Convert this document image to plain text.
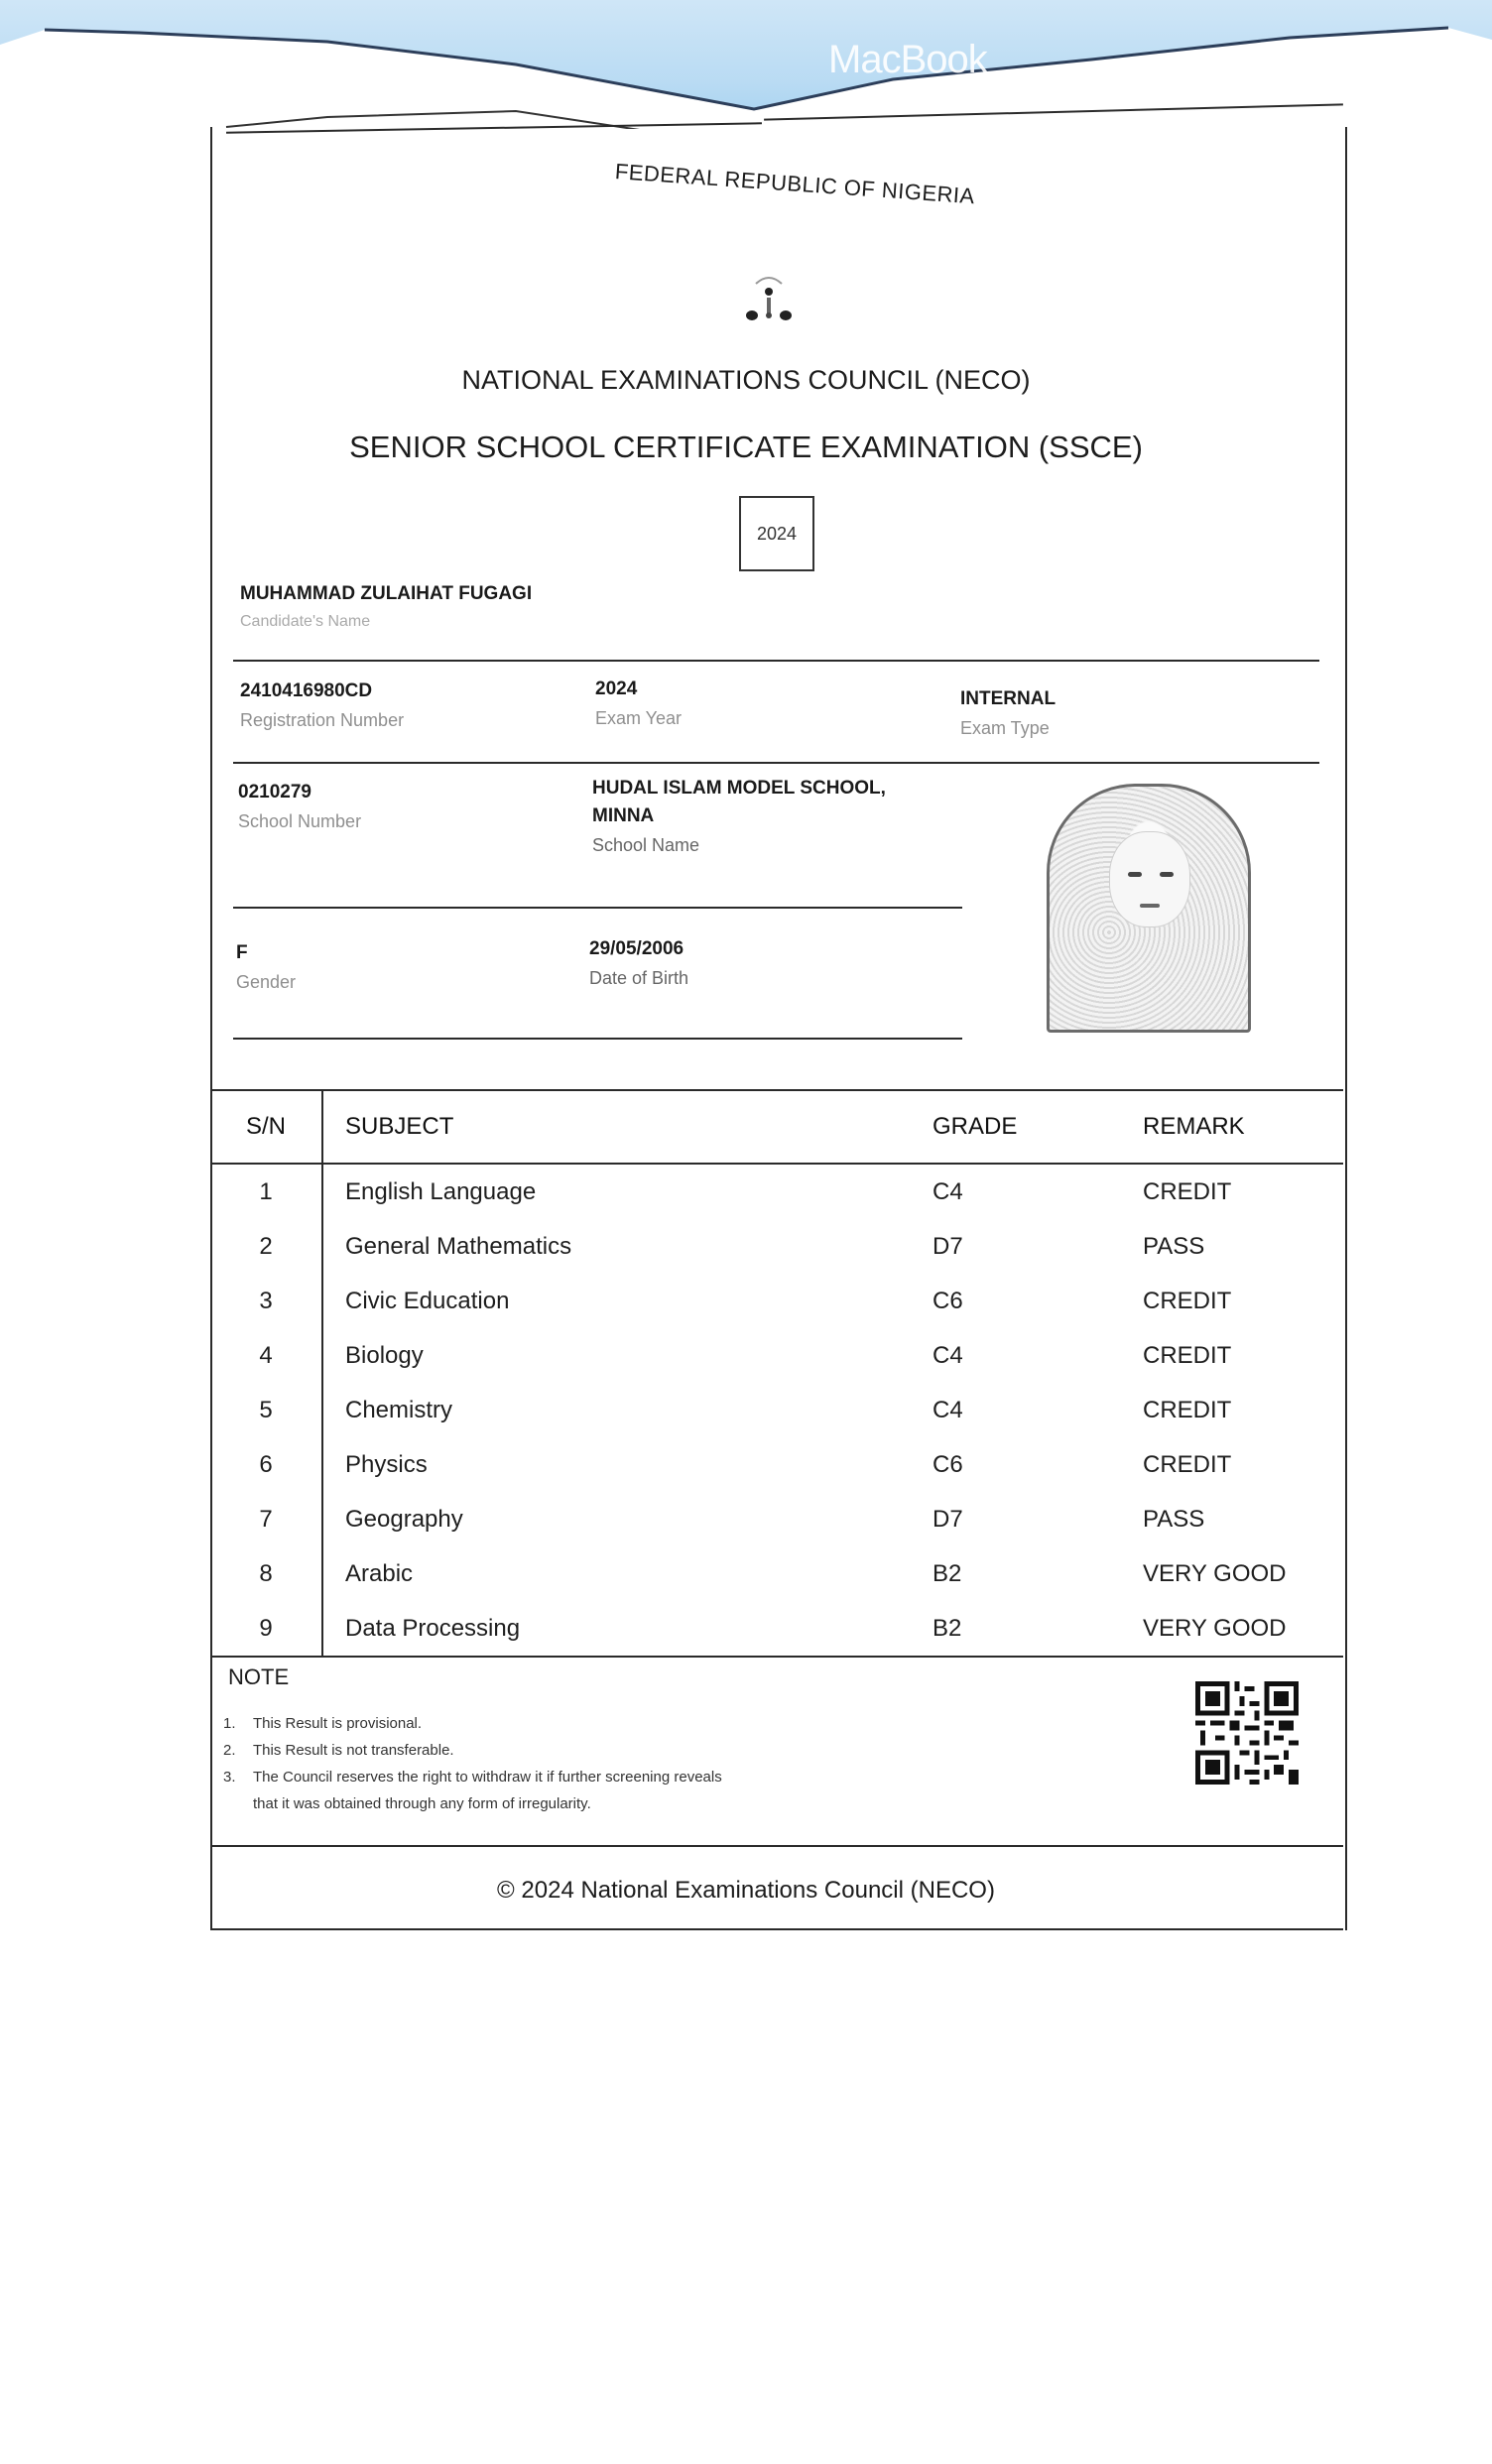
MacBook
FEDERAL REPUBLIC OF NIGERIA
NATIONAL EXAMINATIONS COUNCIL (NECO)
SENIOR SCHOOL CERTIFICATE EXAMINATION (SSCE)
2024
MUHAMMAD ZULAIHAT FUGAGI
Candidate's Name
2410416980CD
Registration Number
2024
Exam Year
INTERNAL
Exam Type
0210279
School Number
HUDAL ISLAM MODEL SCHOOL,
MINNA
School Name
F
Gender
29/05/2006
Date of Birth
S/N	SUBJECT	GRADE	REMARK
1	English Language	C4	CREDIT
2	General Mathematics	D7	PASS
3	Civic Education	C6	CREDIT
4	Biology	C4	CREDIT
5	Chemistry	C4	CREDIT
6	Physics	C6	CREDIT
7	Geography	D7	PASS
8	Arabic	B2	VERY GOOD
9	Data Processing	B2	VERY GOOD
NOTE
1. This Result is provisional.
2. This Result is not transferable.
3. The Council reserves the right to withdraw it if further screening reveals
that it was obtained through any form of irregularity.
© 2024 National Examinations Council (NECO)
